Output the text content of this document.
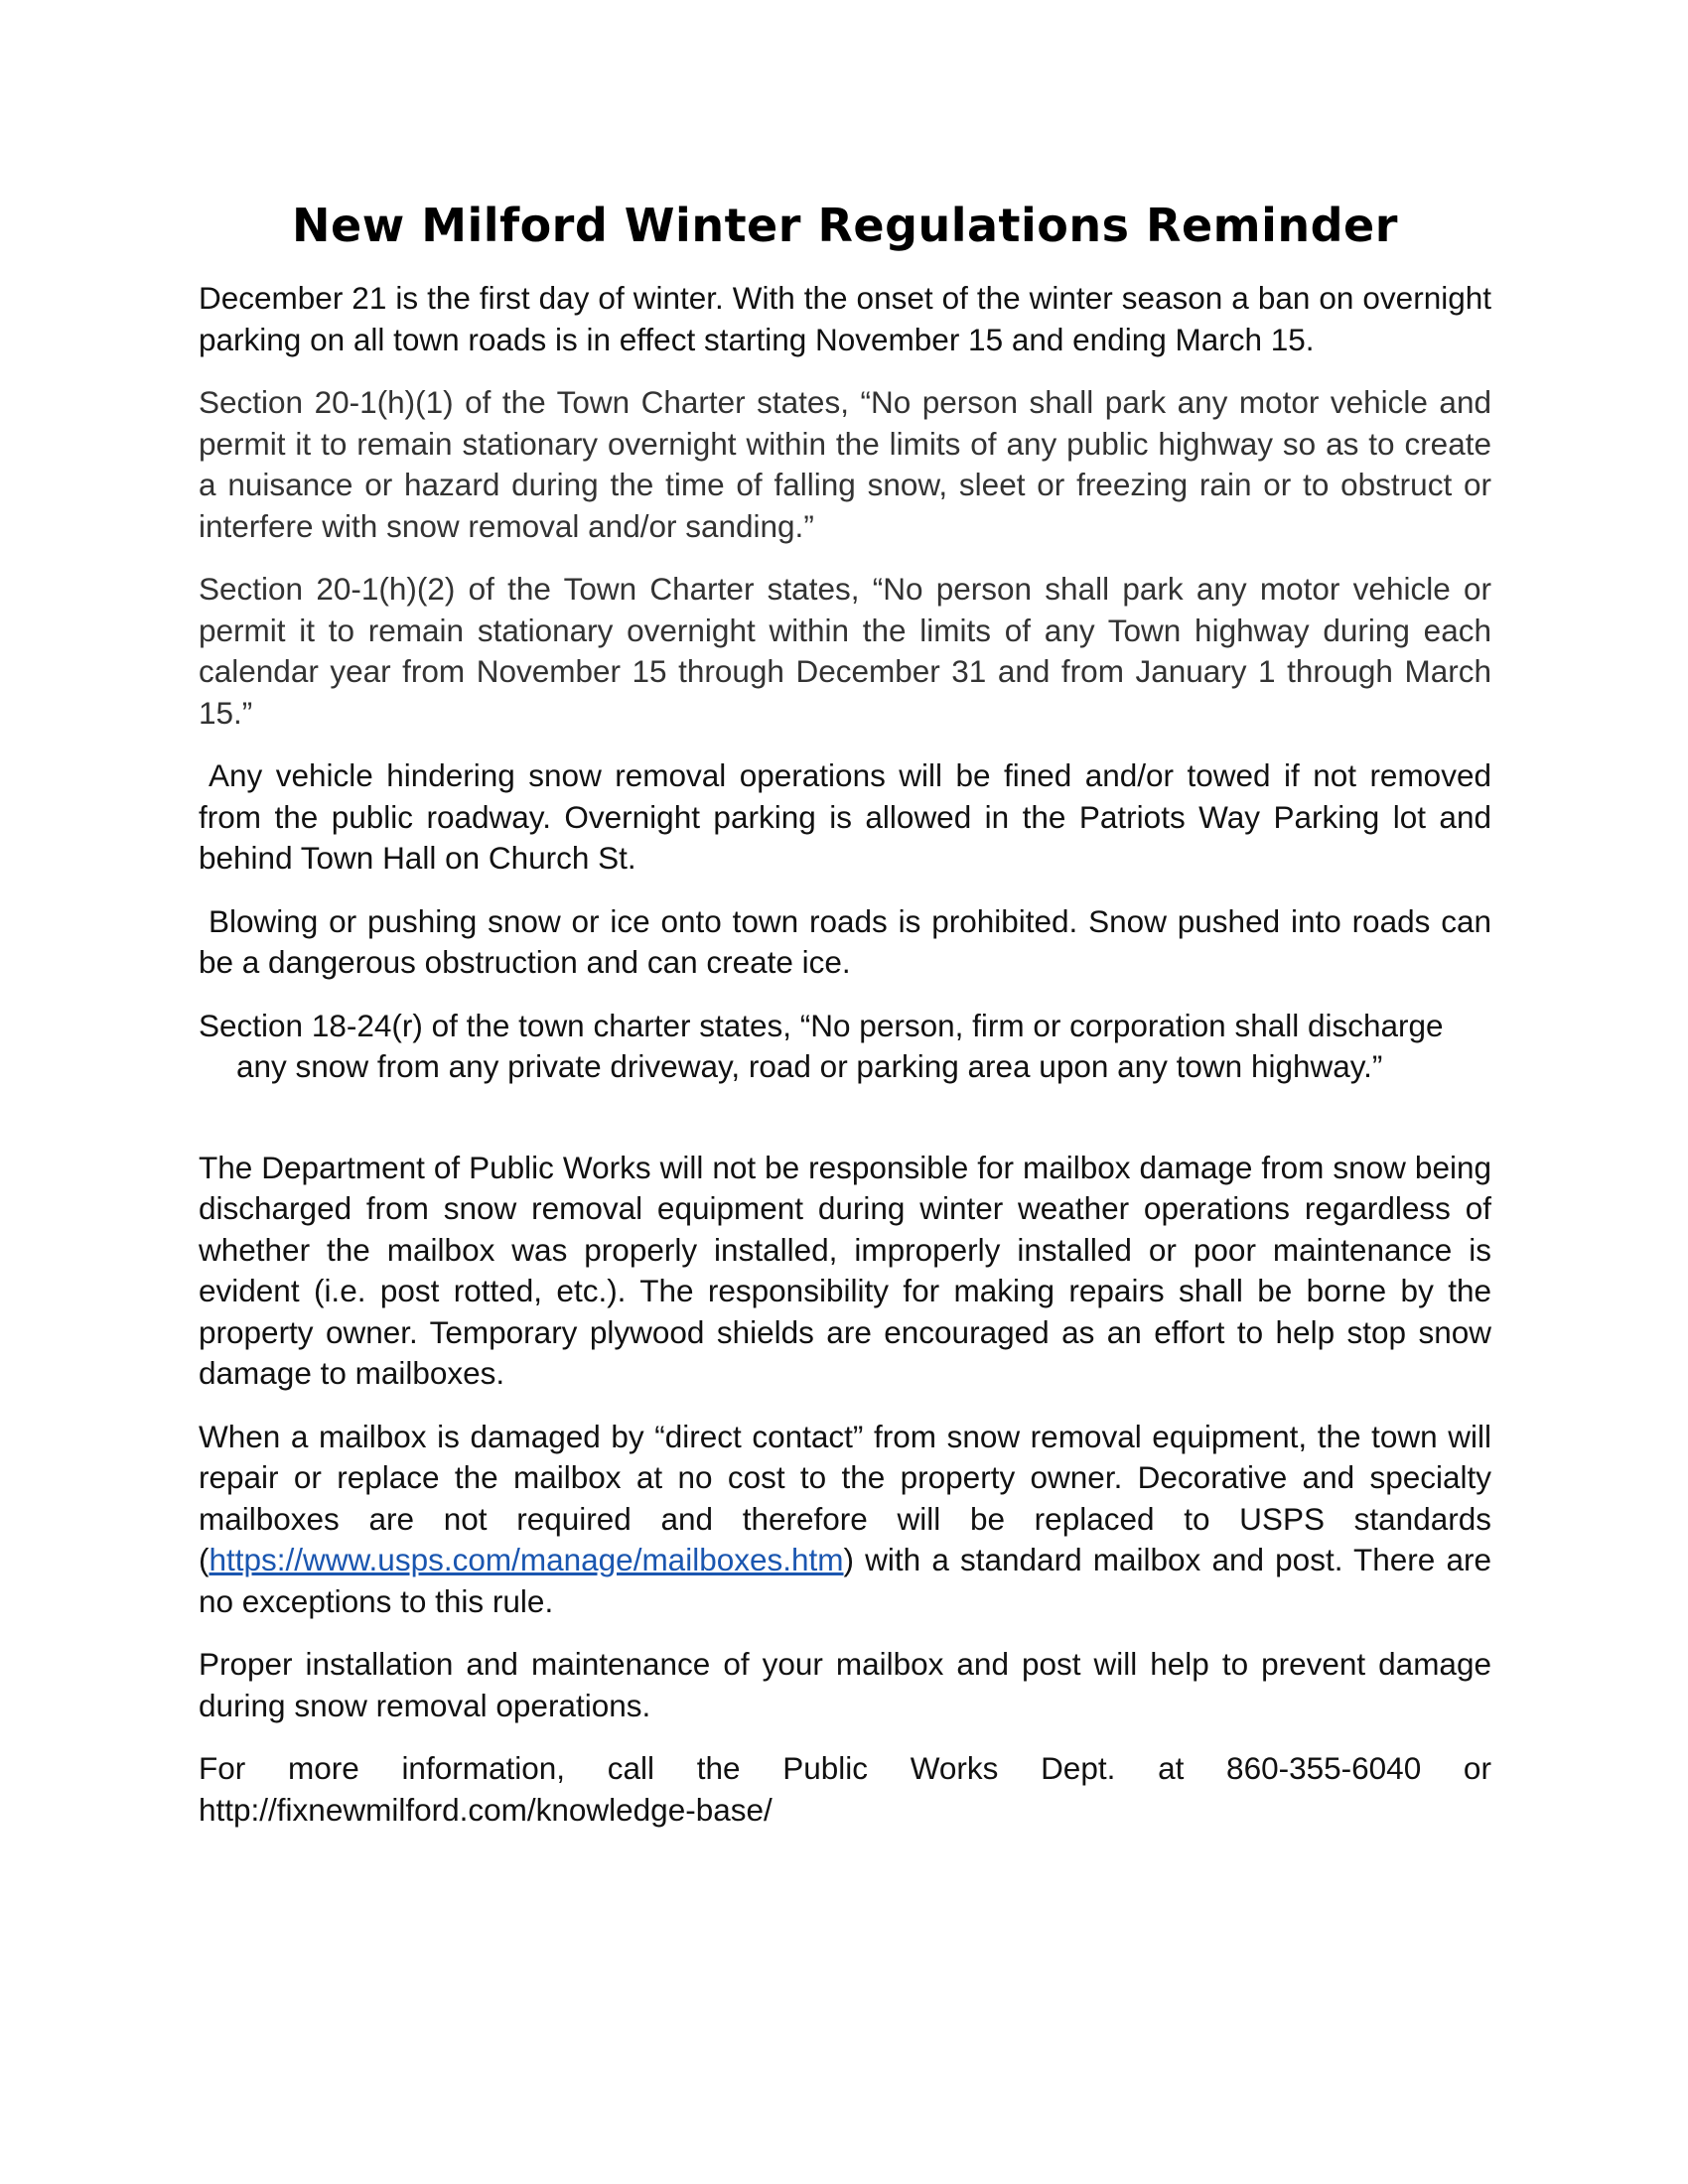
New Milford Winter Regulations Reminder

December 21 is the first day of winter. With the onset of the winter season a ban on overnight parking on all town roads is in effect starting November 15 and ending March 15.

Section 20-1(h)(1) of the Town Charter states, “No person shall park any motor vehicle and permit it to remain stationary overnight within the limits of any public highway so as to create a nuisance or hazard during the time of falling snow, sleet or freezing rain or to obstruct or interfere with snow removal and/or sanding.”

Section 20-1(h)(2) of the Town Charter states, “No person shall park any motor vehicle or permit it to remain stationary overnight within the limits of any Town highway during each calendar year from November 15 through December 31 and from January 1 through March 15.”

Any vehicle hindering snow removal operations will be fined and/or towed if not removed from the public roadway. Overnight parking is allowed in the Patriots Way Parking lot and behind Town Hall on Church St.

Blowing or pushing snow or ice onto town roads is prohibited. Snow pushed into roads can be a dangerous obstruction and can create ice.

Section 18-24(r) of the town charter states, “No person, firm or corporation shall discharge
any snow from any private driveway, road or parking area upon any town highway.”

The Department of Public Works will not be responsible for mailbox damage from snow being discharged from snow removal equipment during winter weather operations regardless of whether the mailbox was properly installed, improperly installed or poor maintenance is evident (i.e. post rotted, etc.). The responsibility for making repairs shall be borne by the property owner. Temporary plywood shields are encouraged as an effort to help stop snow damage to mailboxes.

When a mailbox is damaged by “direct contact” from snow removal equipment, the town will repair or replace the mailbox at no cost to the property owner. Decorative and specialty mailboxes are not required and therefore will be replaced to USPS standards (https://www.usps.com/manage/mailboxes.htm) with a standard mailbox and post. There are no exceptions to this rule.

Proper installation and maintenance of your mailbox and post will help to prevent damage during snow removal operations.

For more information, call the Public Works Dept. at 860-355-6040 or
http://fixnewmilford.com/knowledge-base/
